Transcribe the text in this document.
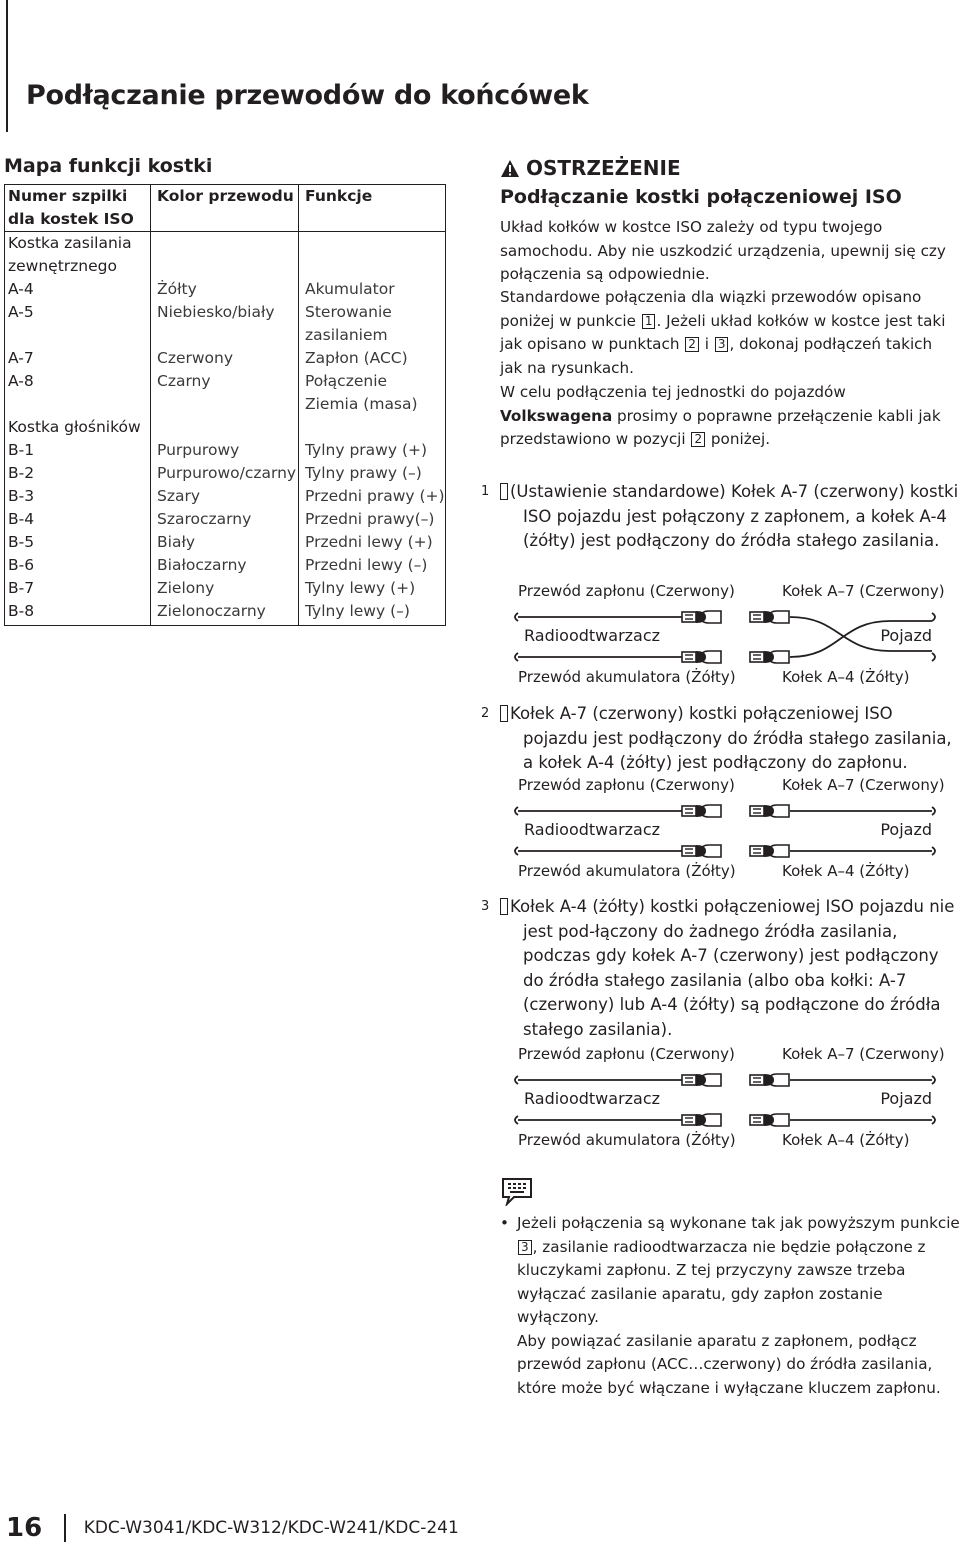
Podłączanie przewodów do końcówek
Mapa funkcji kostki
Numer szpilki dla kostek ISO	Kolor przewodu	Funkcje
Kostka zasilania zewnętrznego		
A-4	Żółty	Akumulator
A-5	Niebiesko/biały	Sterowanie zasilaniem
A-7	Czerwony	Zapłon (ACC)
A-8	Czarny	Połączenie Ziemia (masa)
Kostka głośników		
B-1	Purpurowy	Tylny prawy (+)
B-2	Purpurowo/czarny	Tylny prawy (–)
B-3	Szary	Przedni prawy (+)
B-4	Szaroczarny	Przedni prawy(–)
B-5	Biały	Przedni lewy (+)
B-6	Białoczarny	Przedni lewy (–)
B-7	Zielony	Tylny lewy (+)
B-8	Zielonoczarny	Tylny lewy (–)
OSTRZEŻENIE
Podłączanie kostki połączeniowej ISO

Układ kołków w kostce ISO zależy od typu twojego samochodu. Aby nie uszkodzić urządzenia, upewnij się czy połączenia są odpowiednie.

Standardowe połączenia dla wiązki przewodów opisano poniżej w punkcie 1 . Jeżeli układ kołków w kostce jest taki jak opisano w punktach 2 i 3 , dokonaj podłączeń takich jak na rysunkach.

W celu podłączenia tej jednostki do pojazdów Volkswagena prosimy o poprawne przełączenie kabli jak przedstawiono w pozycji 2 poniżej.

1 (Ustawienie standardowe) Kołek A-7 (czerwony) kostki ISO pojazdu jest połączony z zapłonem, a kołek A-4 (żółty) jest podłączony do źródła stałego zasilania.
Przewód zapłonu (Czerwony)	Kołek A–7 (Czerwony)
Radioodtwarzacz	Pojazd
Przewód akumulatora (Żółty)	Kołek A–4 (Żółty)
2 Kołek A-7 (czerwony) kostki połączeniowej ISO pojazdu jest podłączony do źródła stałego zasilania, a kołek A-4 (żółty) jest podłączony do zapłonu.
Przewód zapłonu (Czerwony)	Kołek A–7 (Czerwony)
Radioodtwarzacz	Pojazd
Przewód akumulatora (Żółty)	Kołek A–4 (Żółty)
3 Kołek A-4 (żółty) kostki połączeniowej ISO pojazdu nie jest pod-łączony do żadnego źródła zasilania, podczas gdy kołek A-7 (czerwony) jest podłączony do źródła stałego zasilania (albo oba kołki: A-7 (czerwony) lub A-4 (żółty) są podłączone do źródła stałego zasilania).
Przewód zapłonu (Czerwony)	Kołek A–7 (Czerwony)
Radioodtwarzacz	Pojazd
Przewód akumulatora (Żółty)	Kołek A–4 (Żółty)
• Jeżeli połączenia są wykonane tak jak powyższym punkcie
3 , zasilanie radioodtwarzacza nie będzie połączone z kluczykami zapłonu. Z tej przyczyny zawsze trzeba wyłączać zasilanie aparatu, gdy zapłon zostanie wyłączony.
Aby powiązać zasilanie aparatu z zapłonem, podłącz przewód zapłonu (ACC…czerwony) do źródła zasilania, które może być włączane i wyłączane kluczem zapłonu.
16 KDC-W3041/KDC-W312/KDC-W241/KDC-241
